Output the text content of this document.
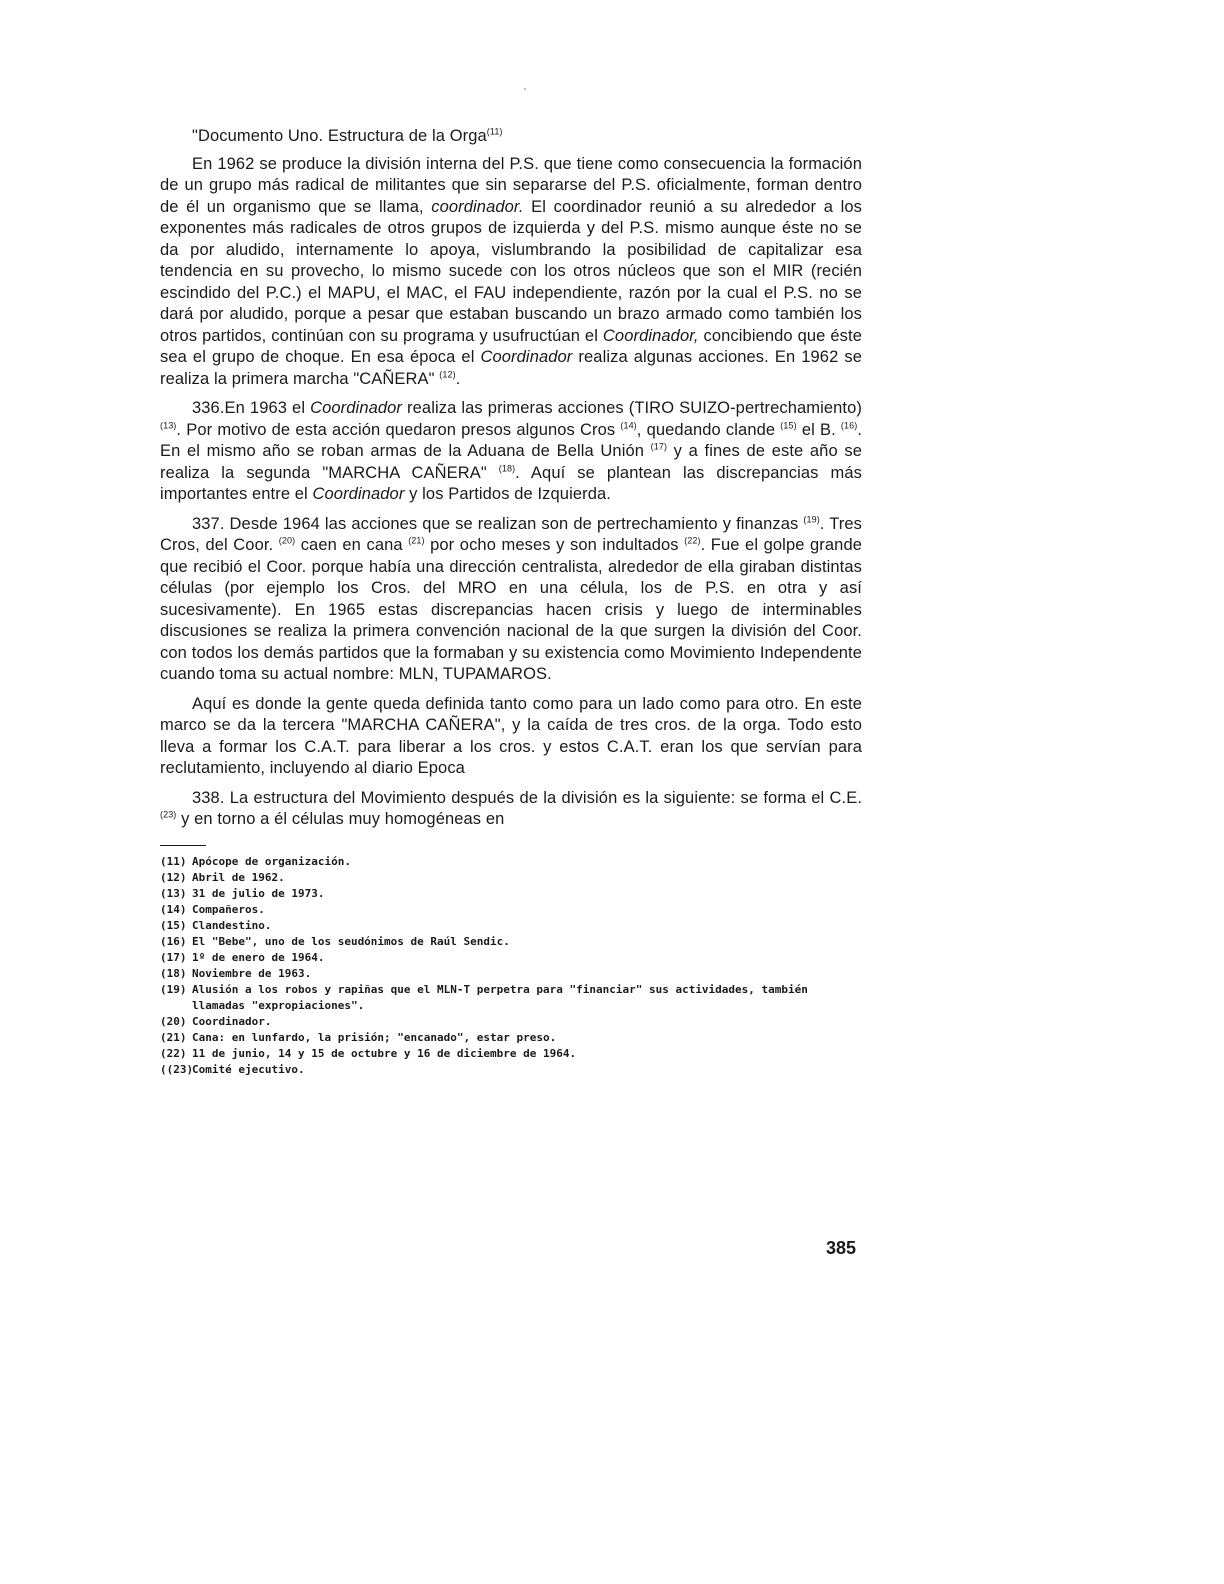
"Documento Uno. Estructura de la Orga$^{(11)}$

En 1962 se produce la división interna del P.S. que tiene como consecuencia la formación de un grupo más radical de militantes que sin separarse del P.S. oficialmente, forman dentro de él un organismo que se llama, coordinador. El coordinador reunió a su alrededor a los exponentes más radicales de otros grupos de izquierda y del P.S. mismo aunque éste no se da por aludido, internamente lo apoya, vislumbrando la posibilidad de capitalizar esa tendencia en su provecho, lo mismo sucede con los otros núcleos que son el MIR (recién escindido del P.C.) el MAPU, el MAC, el FAU independiente, razón por la cual el P.S. no se dará por aludido, porque a pesar que estaban buscando un brazo armado como también los otros partidos, continúan con su programa y usufructúan el Coordinador, concibiendo que éste sea el grupo de choque. En esa época el Coordinador realiza algunas acciones. En 1962 se realiza la primera marcha "CAÑERA" $^{(12)}$.

336.En 1963 el Coordinador realiza las primeras acciones (TIRO SUIZO-pertrechamiento) $^{(13)}$. Por motivo de esta acción quedaron presos algunos Cros $^{(14)}$, quedando clande $^{(15)}$ el B. $^{(16)}$. En el mismo año se roban armas de la Aduana de Bella Unión $^{(17)}$ y a fines de este año se realiza la segunda "MARCHA CAÑERA" $^{(18)}$. Aquí se plantean las discrepancias más importantes entre el Coordinador y los Partidos de Izquierda.

337. Desde 1964 las acciones que se realizan son de pertrechamiento y finanzas $^{(19)}$. Tres Cros, del Coor. $^{(20)}$ caen en cana $^{(21)}$ por ocho meses y son indultados $^{(22)}$. Fue el golpe grande que recibió el Coor. porque había una dirección centralista, alrededor de ella giraban distintas células (por ejemplo los Cros. del MRO en una célula, los de P.S. en otra y así sucesivamente). En 1965 estas discrepancias hacen crisis y luego de interminables discusiones se realiza la primera convención nacional de la que surgen la división del Coor. con todos los demás partidos que la formaban y su existencia como Movimiento Independente cuando toma su actual nombre: MLN, TUPAMAROS.

Aquí es donde la gente queda definida tanto como para un lado como para otro. En este marco se da la tercera "MARCHA CAÑERA", y la caída de tres cros. de la orga. Todo esto lleva a formar los C.A.T. para liberar a los cros. y estos C.A.T. eran los que servían para reclutamiento, incluyendo al diario Epoca

338. La estructura del Movimiento después de la división es la siguiente: se forma el C.E. $^{(23)}$ y en torno a él células muy homogéneas en

(11) Apócope de organización.
(12) Abril de 1962.
(13) 31 de julio de 1973.
(14) Compañeros.
(15) Clandestino.
(16) El "Bebe", uno de los seudónimos de Raúl Sendic.
(17) 1º de enero de 1964.
(18) Noviembre de 1963.
(19) Alusión a los robos y rapiñas que el MLN-T perpetra para "financiar" sus actividades, también llamadas "expropiaciones".
(20) Coordinador.
(21) Cana: en lunfardo, la prisión; "encanado", estar preso.
(22) 11 de junio, 14 y 15 de octubre y 16 de diciembre de 1964.
((23)
Comité ejecutivo.
385
